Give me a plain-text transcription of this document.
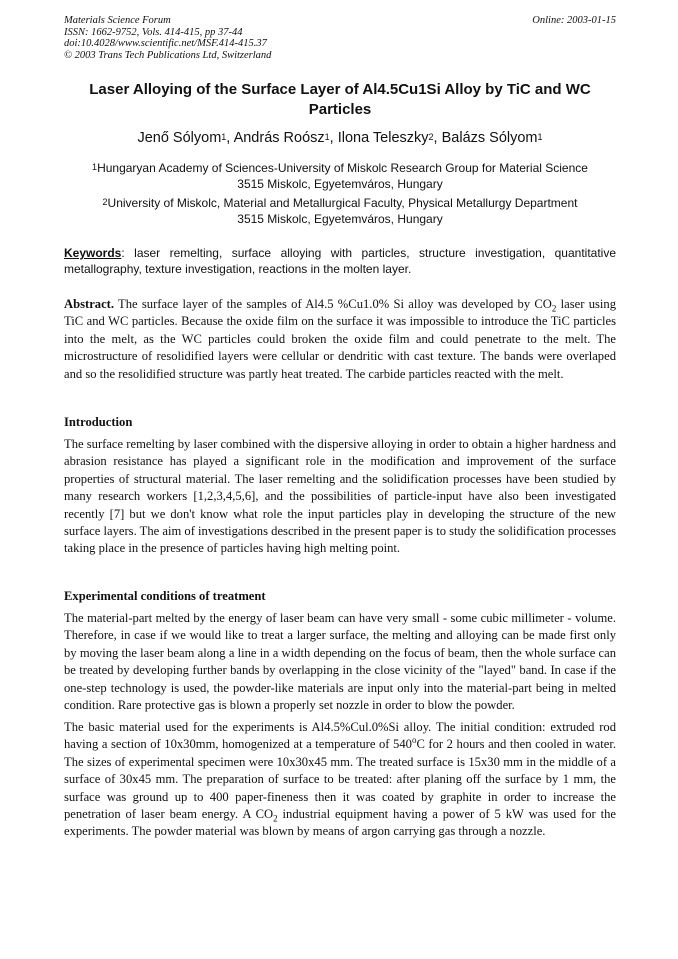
Materials Science Forum
ISSN: 1662-9752, Vols. 414-415, pp 37-44
doi:10.4028/www.scientific.net/MSF.414-415.37
© 2003 Trans Tech Publications Ltd, Switzerland
Online: 2003-01-15
Laser Alloying of the Surface Layer of Al4.5Cu1Si Alloy by TiC and WC Particles
Jenő Sólyom$^1$, András Roósz$^1$, Ilona Teleszky$^2$, Balázs Sólyom$^1$
$^1$Hungaryan Academy of Sciences-University of Miskolc Research Group for Material Science
3515 Miskolc, Egyetemváros, Hungary
$^2$University of Miskolc, Material and Metallurgical Faculty, Physical Metallurgy Department
3515 Miskolc, Egyetemváros, Hungary
Keywords: laser remelting, surface alloying with particles, structure investigation, quantitative metallography, texture investigation, reactions in the molten layer.

Abstract. The surface layer of the samples of Al4.5 %Cu1.0% Si alloy was developed by $CO_2$ laser using TiC and WC particles. Because the oxide film on the surface it was impossible to introduce the TiC particles into the melt, as the WC particles could broken the oxide film and could penetrate to the melt. The microstructure of resolidified layers were cellular or dendritic with cast texture. The bands were overlaped and so the resolidified structure was partly heat treated. The carbide particles reacted with the melt.

Introduction

The surface remelting by laser combined with the dispersive alloying in order to obtain a higher hardness and abrasion resistance has played a significant role in the modification and improvement of the surface properties of structural material. The laser remelting and the solidification processes have been studied by many research workers [1,2,3,4,5,6], and the possibilities of particle-input have also been investigated recently [7] but we don't know what role the input particles play in developing the structure of the new surface layers. The aim of investigations described in the present paper is to study the solidification processes taking place in the presence of particles having high melting point.

Experimental conditions of treatment

The material-part melted by the energy of laser beam can have very small - some cubic millimeter - volume. Therefore, in case if we would like to treat a larger surface, the melting and alloying can be made first only by moving the laser beam along a line in a width depending on the focus of beam, then the whole surface can be treated by developing further bands by overlapping in the close vicinity of the "layed" band. In case if the one-step technology is used, the powder-like materials are input only into the material-part being in melted condition. Rare protective gas is blown a properly set nozzle in order to blow the powder.

The basic material used for the experiments is Al4.5%Cul.0%Si alloy. The initial condition: extruded rod having a section of 10x30mm, homogenized at a temperature of 540$^o$C for 2 hours and then cooled in water. The sizes of experimental specimen were 10x30x45 mm. The treated surface is 15x30 mm in the middle of a surface of 30x45 mm. The preparation of surface to be treated: after planing off the surface by 1 mm, the surface was ground up to 400 paper-fineness then it was coated by graphite in order to increase the penetration of laser beam energy. A $CO_2$ industrial equipment having a power of 5 kW was used for the experiments. The powder material was blown by means of argon carrying gas through a nozzle.
